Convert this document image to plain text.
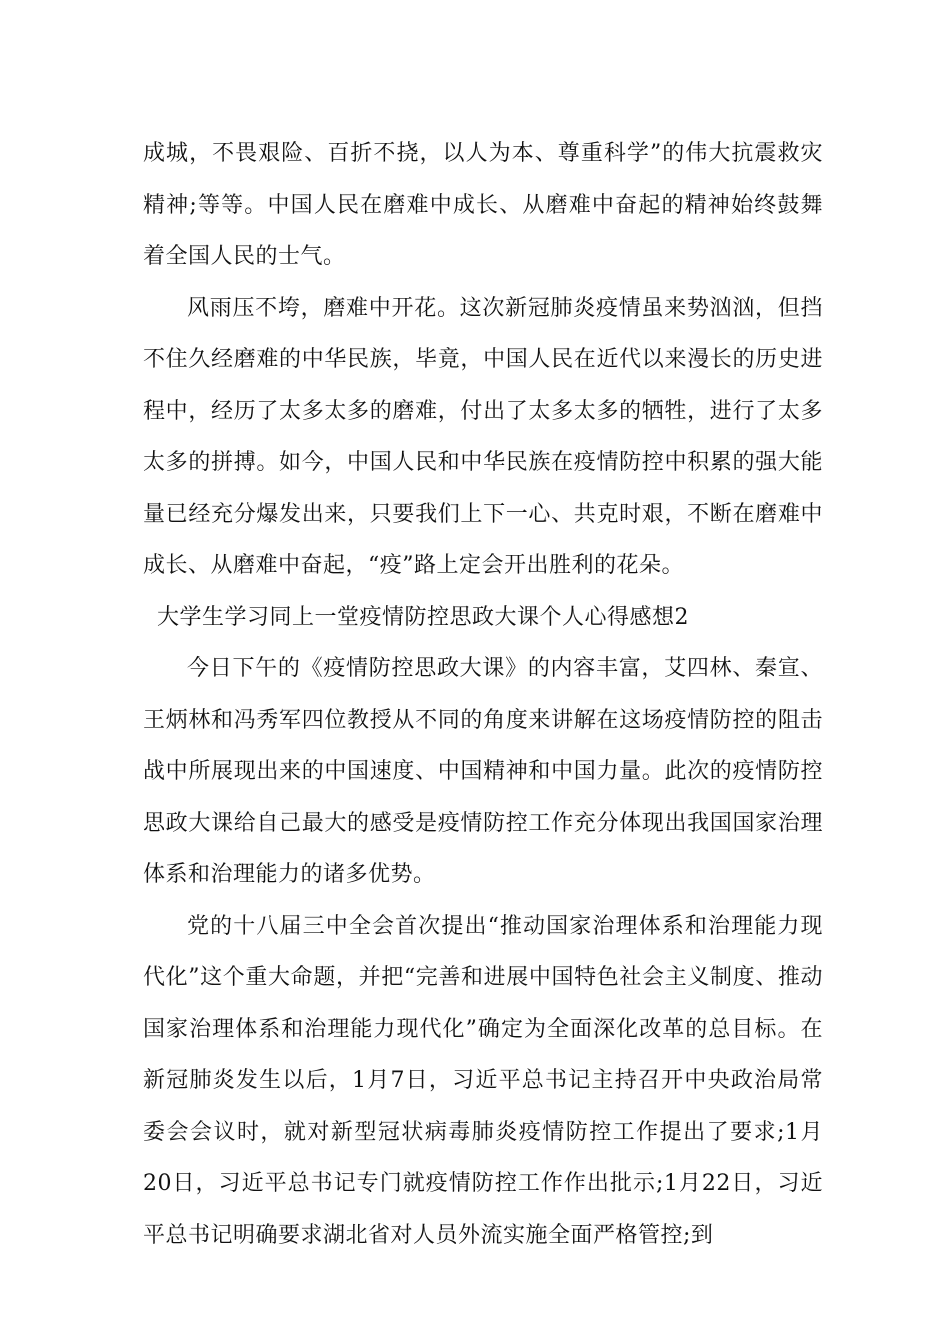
成城，不畏艰险、百折不挠，以人为本、尊重科学”的伟大抗震救灾精神;等等。中国人民在磨难中成长、从磨难中奋起的精神始终鼓舞着全国人民的士气。

风雨压不垮，磨难中开花。这次新冠肺炎疫情虽来势汹汹，但挡不住久经磨难的中华民族，毕竟，中国人民在近代以来漫长的历史进程中，经历了太多太多的磨难，付出了太多太多的牺牲，进行了太多太多的拼搏。如今，中国人民和中华民族在疫情防控中积累的强大能量已经充分爆发出来，只要我们上下一心、共克时艰，不断在磨难中成长、从磨难中奋起，“疫”路上定会开出胜利的花朵。

大学生学习同上一堂疫情防控思政大课个人心得感想2

今日下午的《疫情防控思政大课》的内容丰富，艾四林、秦宣、王炳林和冯秀军四位教授从不同的角度来讲解在这场疫情防控的阻击战中所展现出来的中国速度、中国精神和中国力量。此次的疫情防控思政大课给自己最大的感受是疫情防控工作充分体现出我国国家治理体系和治理能力的诸多优势。

党的十八届三中全会首次提出“推动国家治理体系和治理能力现代化”这个重大命题，并把“完善和进展中国特色社会主义制度、推动国家治理体系和治理能力现代化”确定为全面深化改革的总目标。在新冠肺炎发生以后，1月7日，习近平总书记主持召开中央政治局常委会会议时，就对新型冠状病毒肺炎疫情防控工作提出了要求;1月20日，习近平总书记专门就疫情防控工作作出批示;1月22日，习近平总书记明确要求湖北省对人员外流实施全面严格管控;到
